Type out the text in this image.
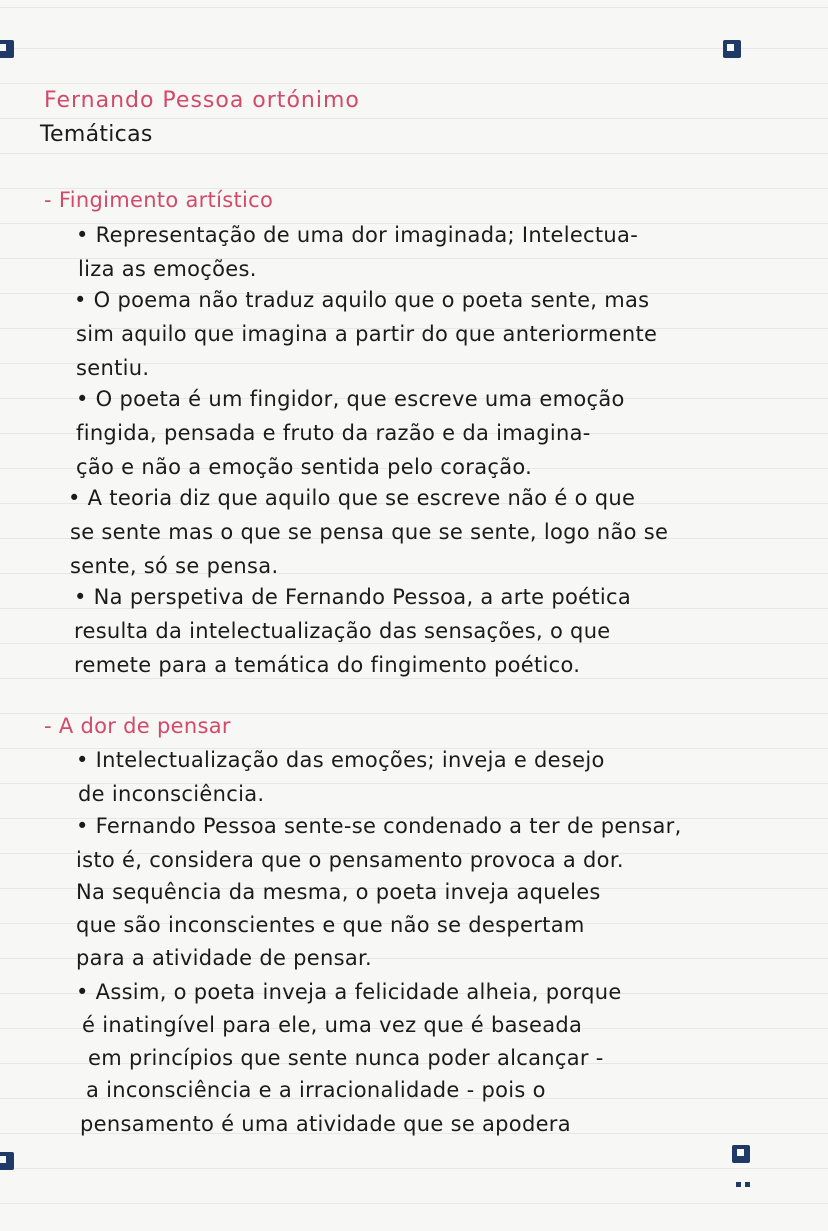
Fernando Pessoa ortónimo
Temáticas
- Fingimento artístico
• Representação de uma dor imaginada; Intelectua-
liza as emoções.
• O poema não traduz aquilo que o poeta sente, mas
sim aquilo que imagina a partir do que anteriormente
sentiu.
• O poeta é um fingidor, que escreve uma emoção
fingida, pensada e fruto da razão e da imagina-
ção e não a emoção sentida pelo coração.
• A teoria diz que aquilo que se escreve não é o que
se sente mas o que se pensa que se sente, logo não se
sente, só se pensa.
• Na perspetiva de Fernando Pessoa, a arte poética
resulta da intelectualização das sensações, o que
remete para a temática do fingimento poético.
- A dor de pensar
• Intelectualização das emoções; inveja e desejo
de inconsciência.
• Fernando Pessoa sente-se condenado a ter de pensar,
isto é, considera que o pensamento provoca a dor.
Na sequência da mesma, o poeta inveja aqueles
que são inconscientes e que não se despertam
para a atividade de pensar.
• Assim, o poeta inveja a felicidade alheia, porque
é inatingível para ele, uma vez que é baseada
em princípios que sente nunca poder alcançar -
a inconsciência e a irracionalidade - pois o
pensamento é uma atividade que se apodera
